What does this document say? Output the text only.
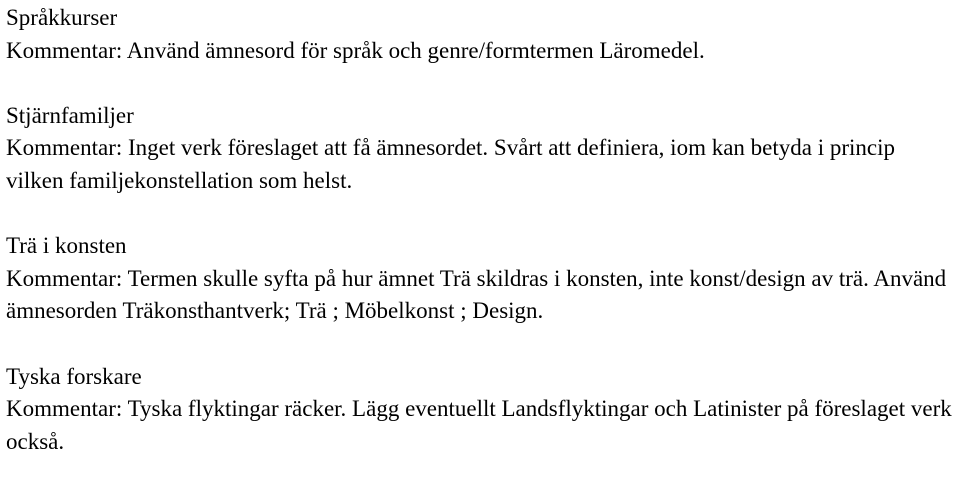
Språkkurser
Kommentar: Använd ämnesord för språk och genre/formtermen Läromedel.
Stjärnfamiljer
Kommentar: Inget verk föreslaget att få ämnesordet. Svårt att definiera, iom kan betyda i princip vilken familjekonstellation som helst.
Trä i konsten
Kommentar: Termen skulle syfta på hur ämnet Trä skildras i konsten, inte konst/design av trä. Använd ämnesorden Träkonsthantverk; Trä ; Möbelkonst ; Design.
Tyska forskare
Kommentar: Tyska flyktingar räcker. Lägg eventuellt Landsflyktingar och Latinister på föreslaget verk också.
